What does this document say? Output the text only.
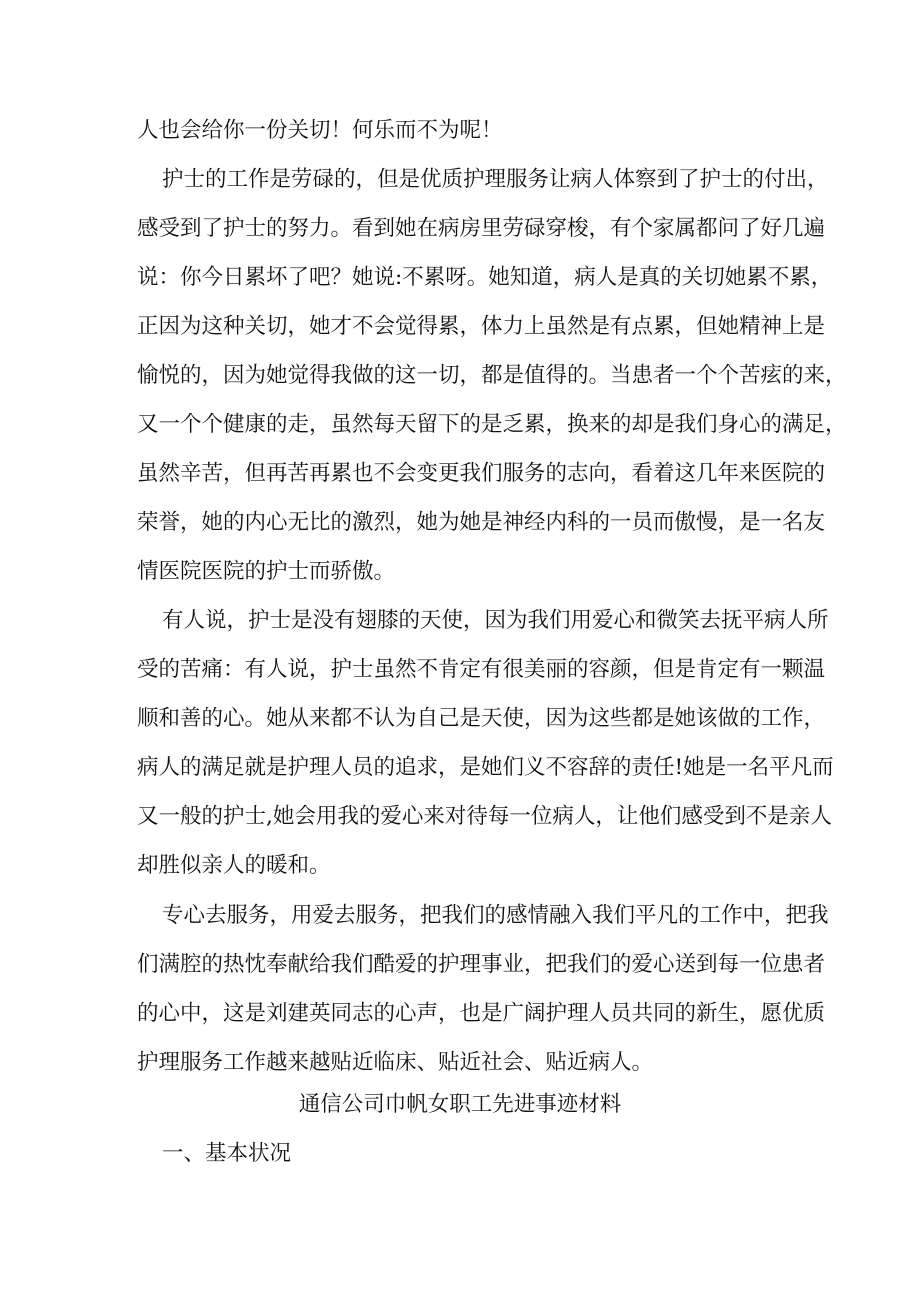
人也会给你一份关切！何乐而不为呢！
护士的工作是劳碌的，但是优质护理服务让病人体察到了护士的付出，
感受到了护士的努力。看到她在病房里劳碌穿梭，有个家属都问了好几遍
说：你今日累坏了吧？她说:不累呀。她知道，病人是真的关切她累不累，
正因为这种关切，她才不会觉得累，体力上虽然是有点累，但她精神上是
愉悦的，因为她觉得我做的这一切，都是值得的。当患者一个个苦痃的来，
又一个个健康的走，虽然每天留下的是乏累，换来的却是我们身心的满足，
虽然辛苦，但再苦再累也不会变更我们服务的志向，看着这几年来医院的
荣誉，她的内心无比的激烈，她为她是神经内科的一员而傲慢，是一名友
情医院医院的护士而骄傲。
有人说，护士是没有翅膝的天使，因为我们用爱心和微笑去抚平病人所
受的苦痛：有人说，护士虽然不肯定有很美丽的容颜，但是肯定有一颗温
顺和善的心。她从来都不认为自己是天使，因为这些都是她该做的工作，
病人的满足就是护理人员的追求，是她们义不容辞的责任!她是一名平凡而
又一般的护士,她会用我的爱心来对待每一位病人，让他们感受到不是亲人
却胜似亲人的暖和。
专心去服务，用爱去服务，把我们的感情融入我们平凡的工作中，把我
们满腔的热忱奉献给我们酷爱的护理事业，把我们的爱心送到每一位患者
的心中，这是刘建英同志的心声，也是广阔护理人员共同的新生，愿优质
护理服务工作越来越贴近临床、贴近社会、贴近病人。
通信公司巾帆女职工先进事迹材料
一、基本状况
